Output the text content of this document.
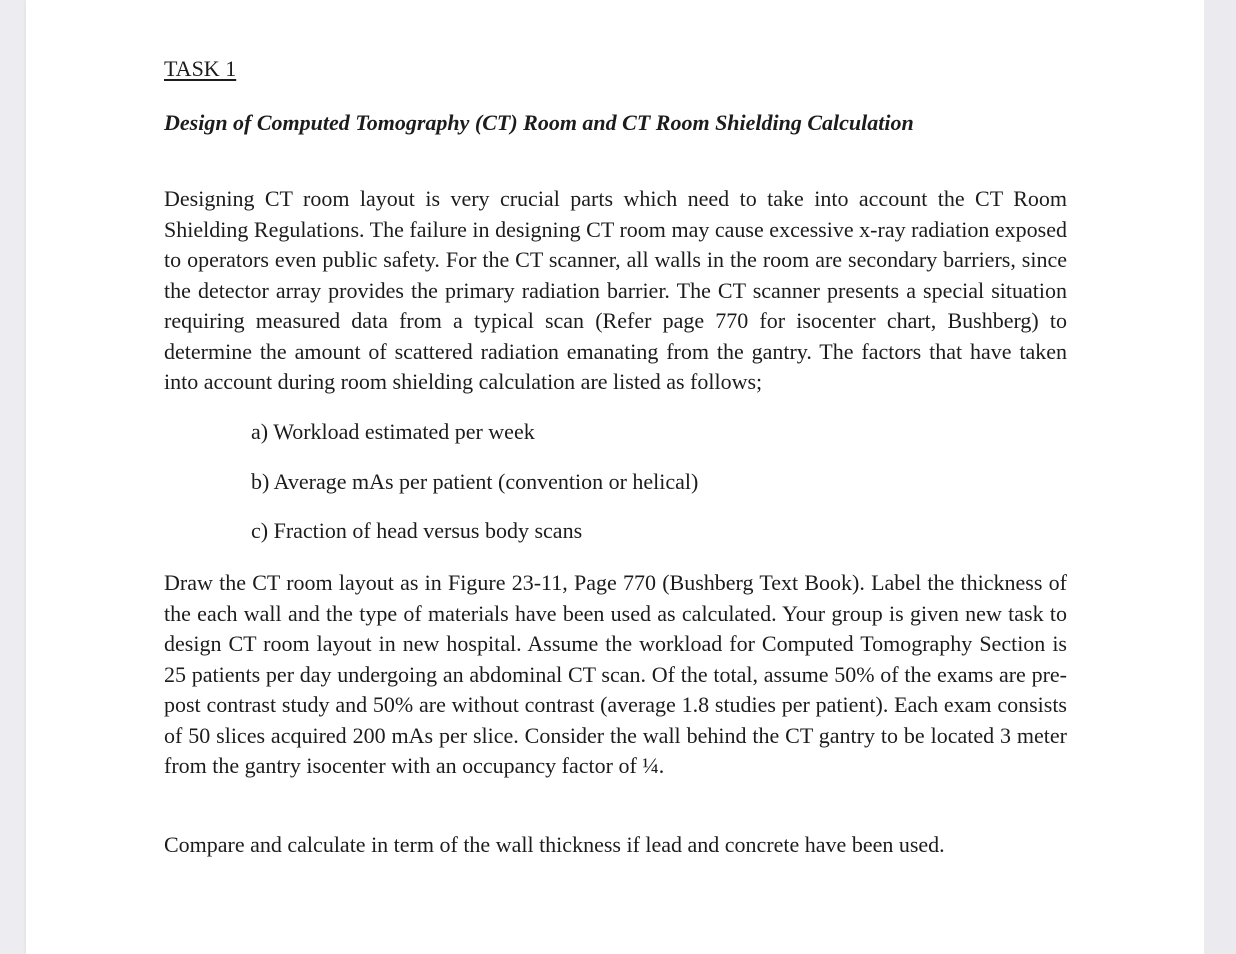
TASK 1
Design of Computed Tomography (CT) Room and CT Room Shielding Calculation

Designing CT room layout is very crucial parts which need to take into account the CT Room Shielding Regulations. The failure in designing CT room may cause excessive x-ray radiation exposed to operators even public safety. For the CT scanner, all walls in the room are secondary barriers, since the detector array provides the primary radiation barrier. The CT scanner presents a special situation requiring measured data from a typical scan (Refer page 770 for isocenter chart, Bushberg) to determine the amount of scattered radiation emanating from the gantry. The factors that have taken into account during room shielding calculation are listed as follows;

a) Workload estimated per week
b) Average mAs per patient (convention or helical)
c) Fraction of head versus body scans

Draw the CT room layout as in Figure 23-11, Page 770 (Bushberg Text Book). Label the thickness of the each wall and the type of materials have been used as calculated. Your group is given new task to design CT room layout in new hospital. Assume the workload for Computed Tomography Section is 25 patients per day undergoing an abdominal CT scan. Of the total, assume 50% of the exams are pre-post contrast study and 50% are without contrast (average 1.8 studies per patient). Each exam consists of 50 slices acquired 200 mAs per slice. Consider the wall behind the CT gantry to be located 3 meter from the gantry isocenter with an occupancy factor of ¼.

Compare and calculate in term of the wall thickness if lead and concrete have been used.
